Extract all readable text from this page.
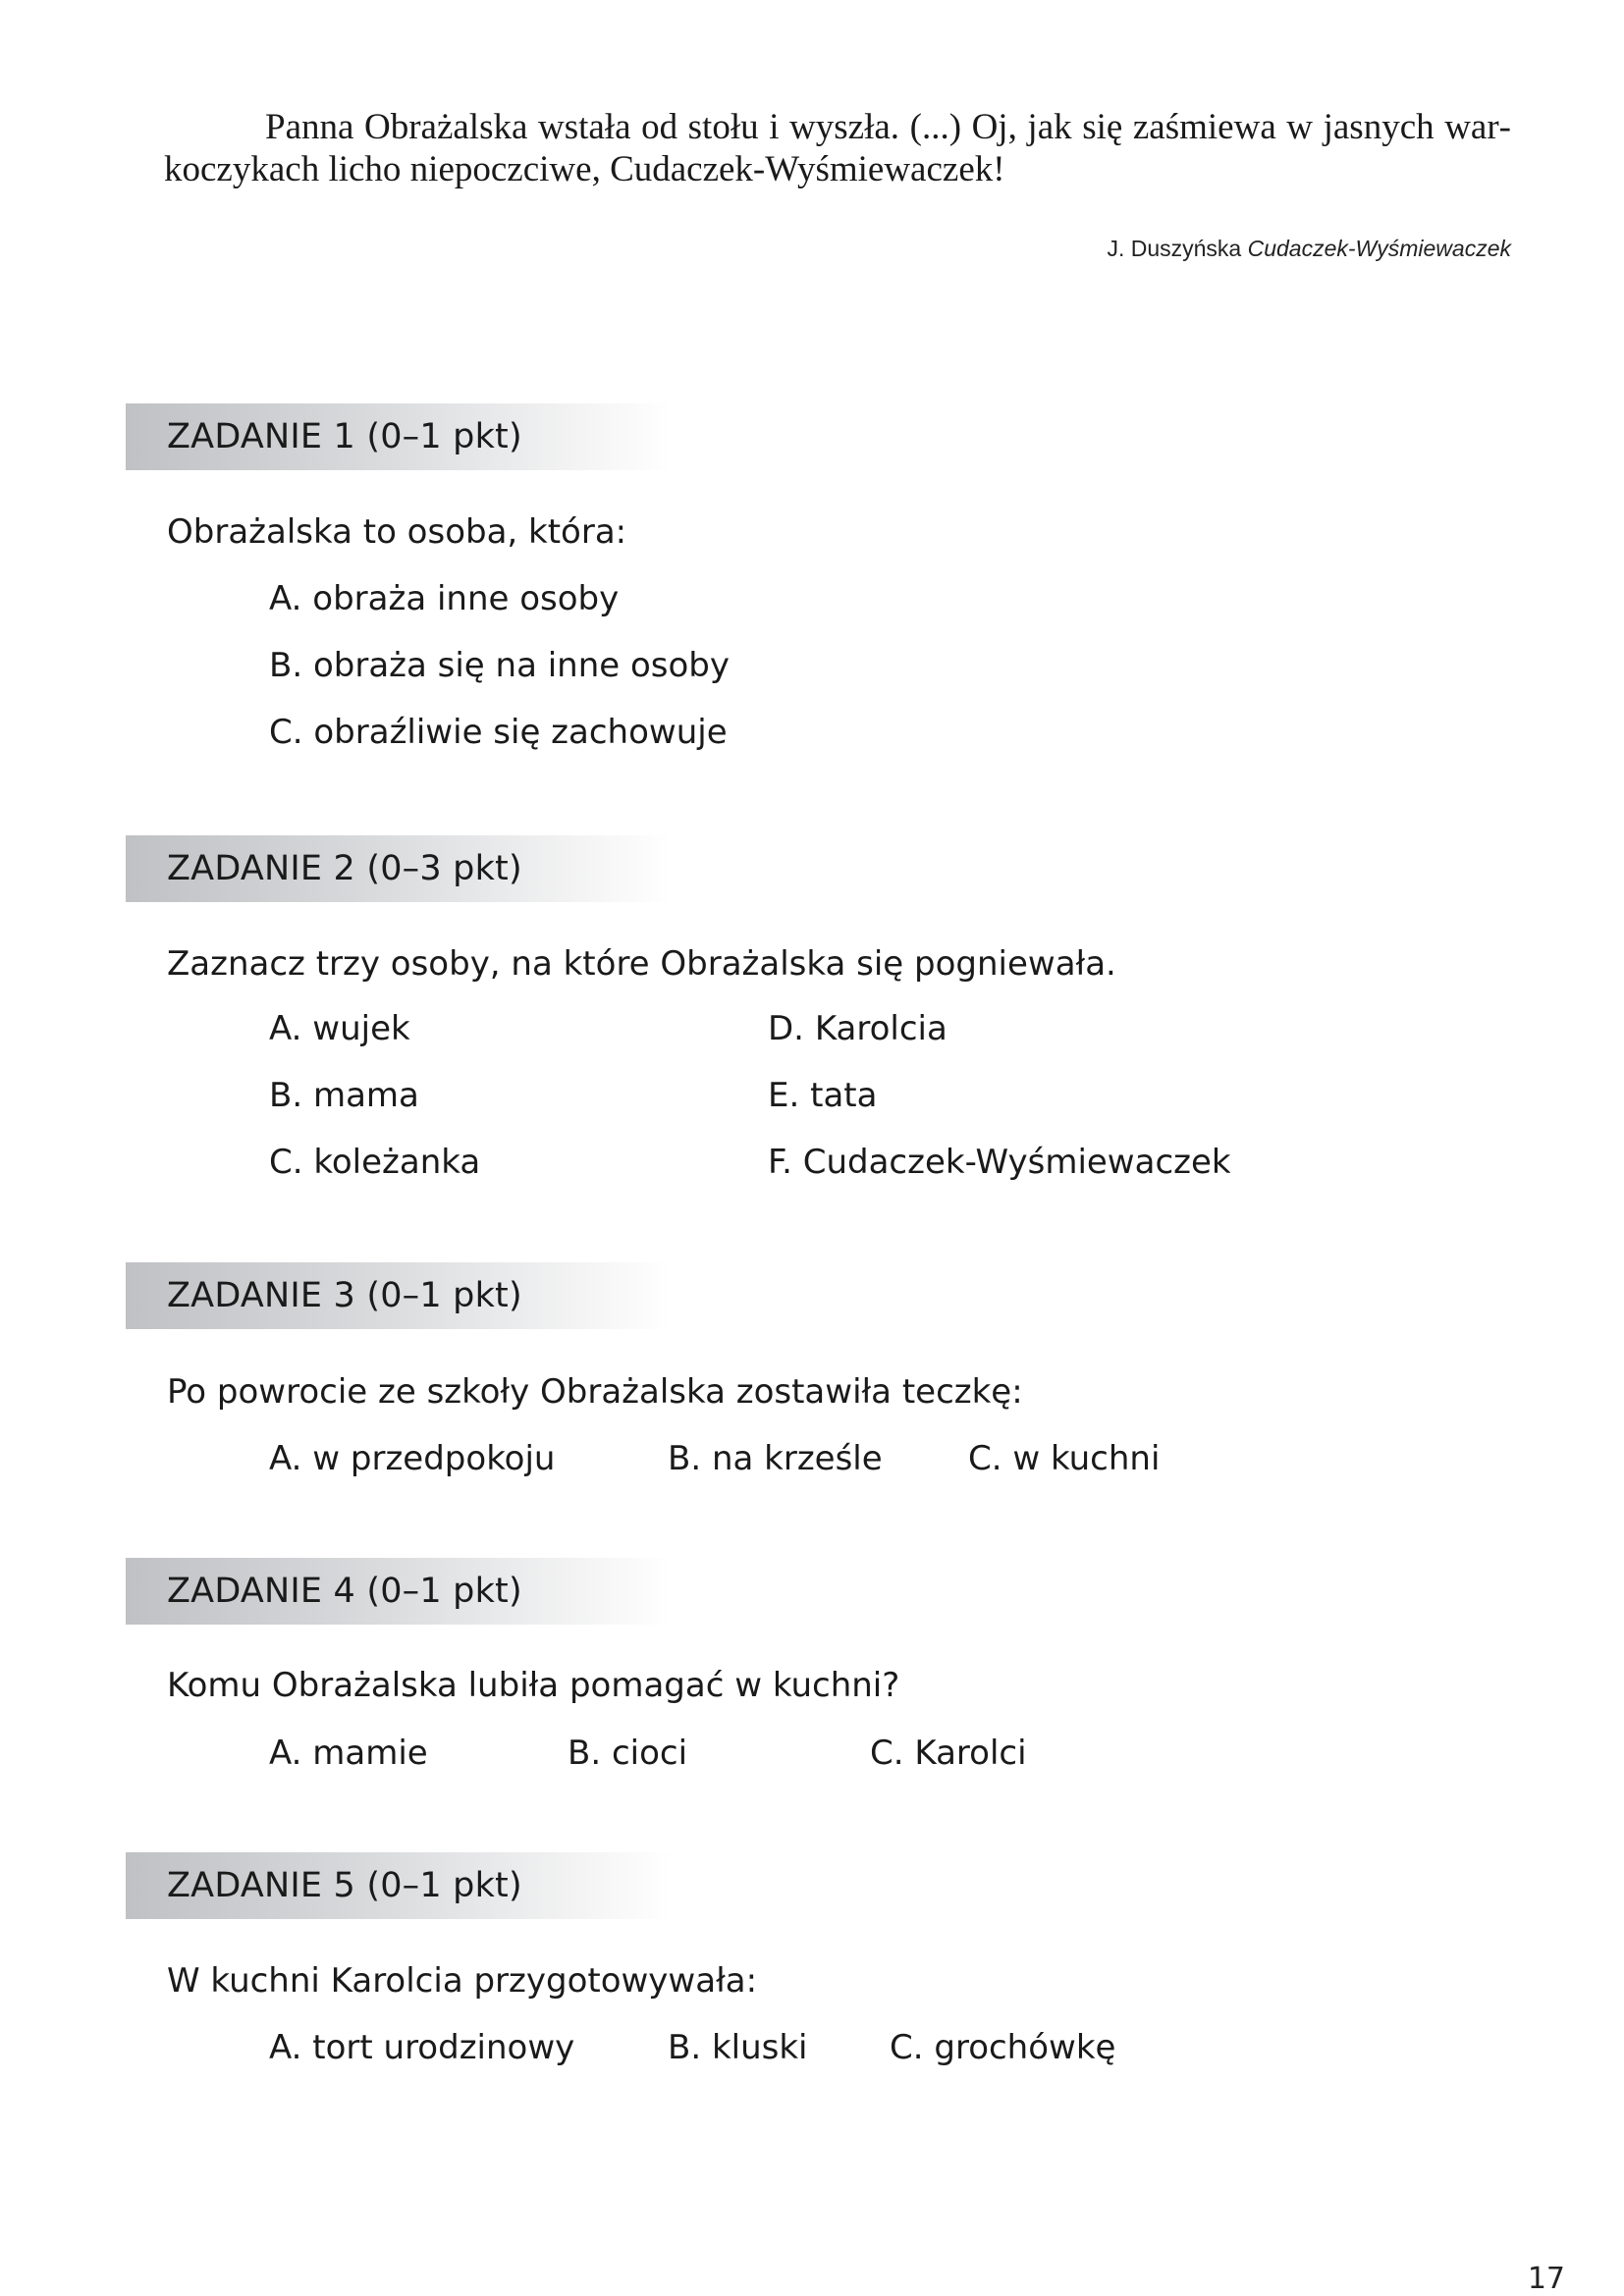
Panna Obrażalska wstała od stołu i wyszła. (...) Oj, jak się zaśmiewa w jasnych warkoczykach licho niepoczciwe, Cudaczek-Wyśmiewaczek!

J. Duszyńska Cudaczek-Wyśmiewaczek
ZADANIE 1 (0–1 pkt)
Obrażalska to osoba, która:
A. obraża inne osoby
B. obraża się na inne osoby
C. obraźliwie się zachowuje
ZADANIE 2 (0–3 pkt)
Zaznacz trzy osoby, na które Obrażalska się pogniewała.
A. wujek
B. mama
C. koleżanka
D. Karolcia
E. tata
F. Cudaczek-Wyśmiewaczek
ZADANIE 3 (0–1 pkt)
Po powrocie ze szkoły Obrażalska zostawiła teczkę:
A. w przedpokoju	B. na krześle	C. w kuchni
ZADANIE 4 (0–1 pkt)
Komu Obrażalska lubiła pomagać w kuchni?
A. mamie	B. cioci	C. Karolci
ZADANIE 5 (0–1 pkt)
W kuchni Karolcia przygotowywała:
A. tort urodzinowy	B. kluski C. grochówkę
17
